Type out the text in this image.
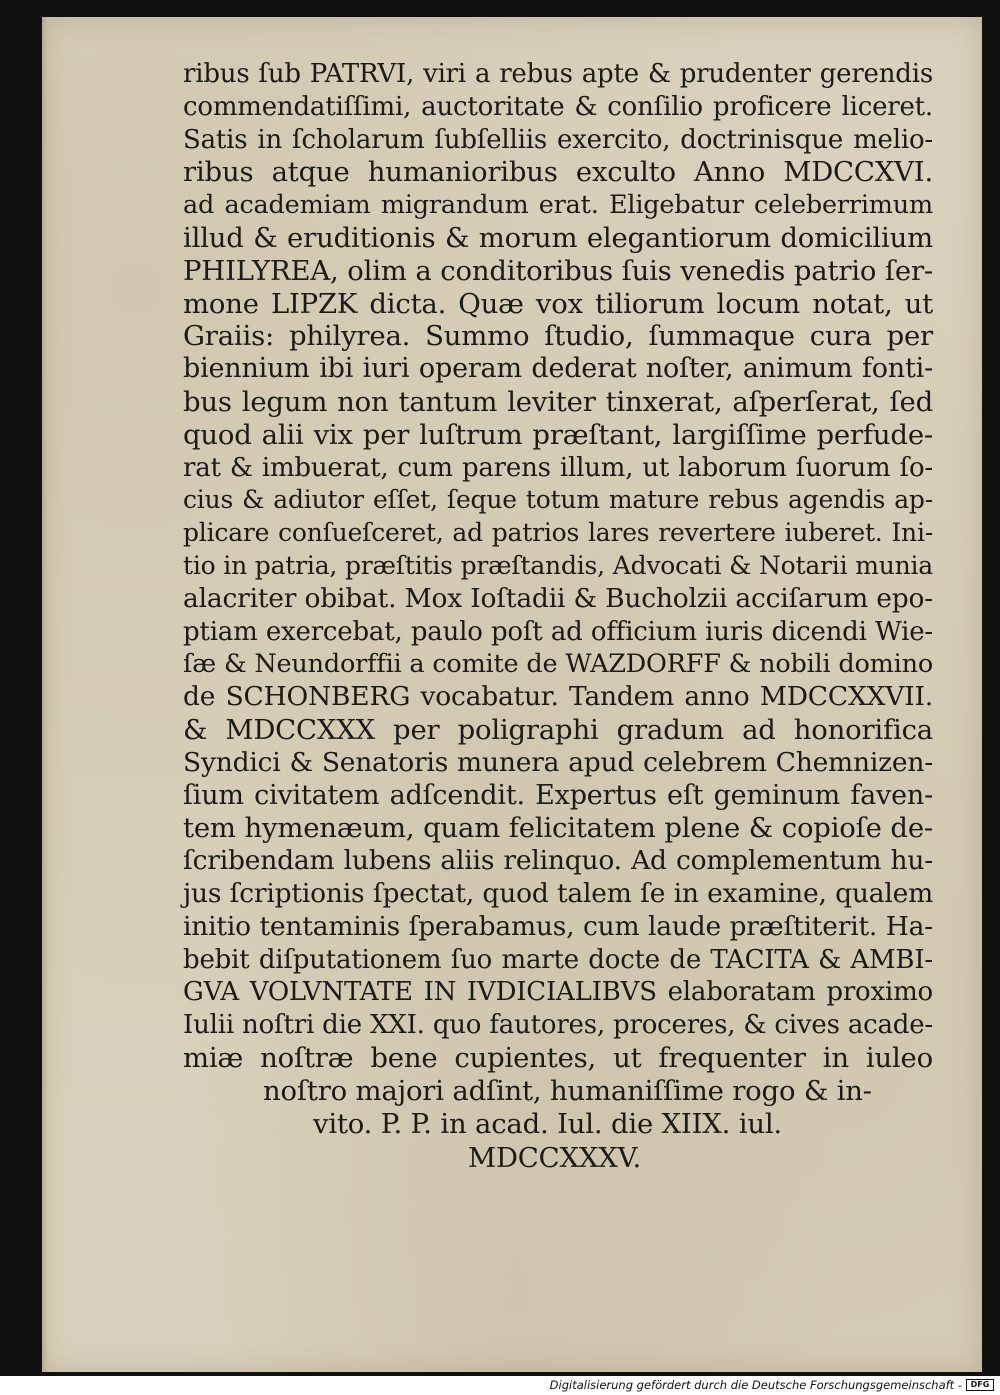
ribus ſub PATRVI, viri a rebus apte & prudenter gerendis
commendatiſſimi, auctoritate & conſilio proficere liceret.
Satis in ſcholarum ſubſelliis exercito, doctrinisque melio-
ribus atque humanioribus exculto Anno MDCCXVI.
ad academiam migrandum erat. Eligebatur celeberrimum
illud & eruditionis & morum elegantiorum domicilium
PHILYREA, olim a conditoribus ſuis venedis patrio ſer-
mone LIPZK dicta. Quæ vox tiliorum locum notat, ut
Graiis: philyrea. Summo ſtudio, ſummaque cura per
biennium ibi iuri operam dederat noſter, animum fonti-
bus legum non tantum leviter tinxerat, aſperſerat, ſed
quod alii vix per luſtrum præſtant, largiſſime perfude-
rat & imbuerat, cum parens illum, ut laborum ſuorum ſo-
cius & adiutor eſſet, ſeque totum mature rebus agendis ap-
plicare conſueſceret, ad patrios lares revertere iuberet. Ini-
tio in patria, præſtitis præſtandis, Advocati & Notarii munia
alacriter obibat. Mox Ioſtadii & Bucholzii acciſarum epo-
ptiam exercebat, paulo poſt ad officium iuris dicendi Wie-
ſæ & Neundorffii a comite de WAZDORFF & nobili domino
de SCHONBERG vocabatur. Tandem anno MDCCXXVII.
& MDCCXXX per poligraphi gradum ad honorifica
Syndici & Senatoris munera apud celebrem Chemnizen-
ſium civitatem adſcendit. Expertus eſt geminum faven-
tem hymenæum, quam felicitatem plene & copioſe de-
ſcribendam lubens aliis relinquo. Ad complementum hu-
jus ſcriptionis ſpectat, quod talem ſe in examine, qualem
initio tentaminis ſperabamus, cum laude præſtiterit. Ha-
bebit diſputationem ſuo marte docte de TACITA & AMBI-
GVA VOLVNTATE IN IVDICIALIBVS elaboratam proximo
Iulii noſtri die XXI. quo fautores, proceres, & cives acade-
miæ noſtræ bene cupientes, ut frequenter in iuleo
noſtro majori adſint, humaniſſime rogo & in-
vito. P. P. in acad. Iul. die XIIX. iul.
MDCCXXXV.
Digitalisierung gefördert durch die Deutsche Forschungsgemeinschaft -	DFG
